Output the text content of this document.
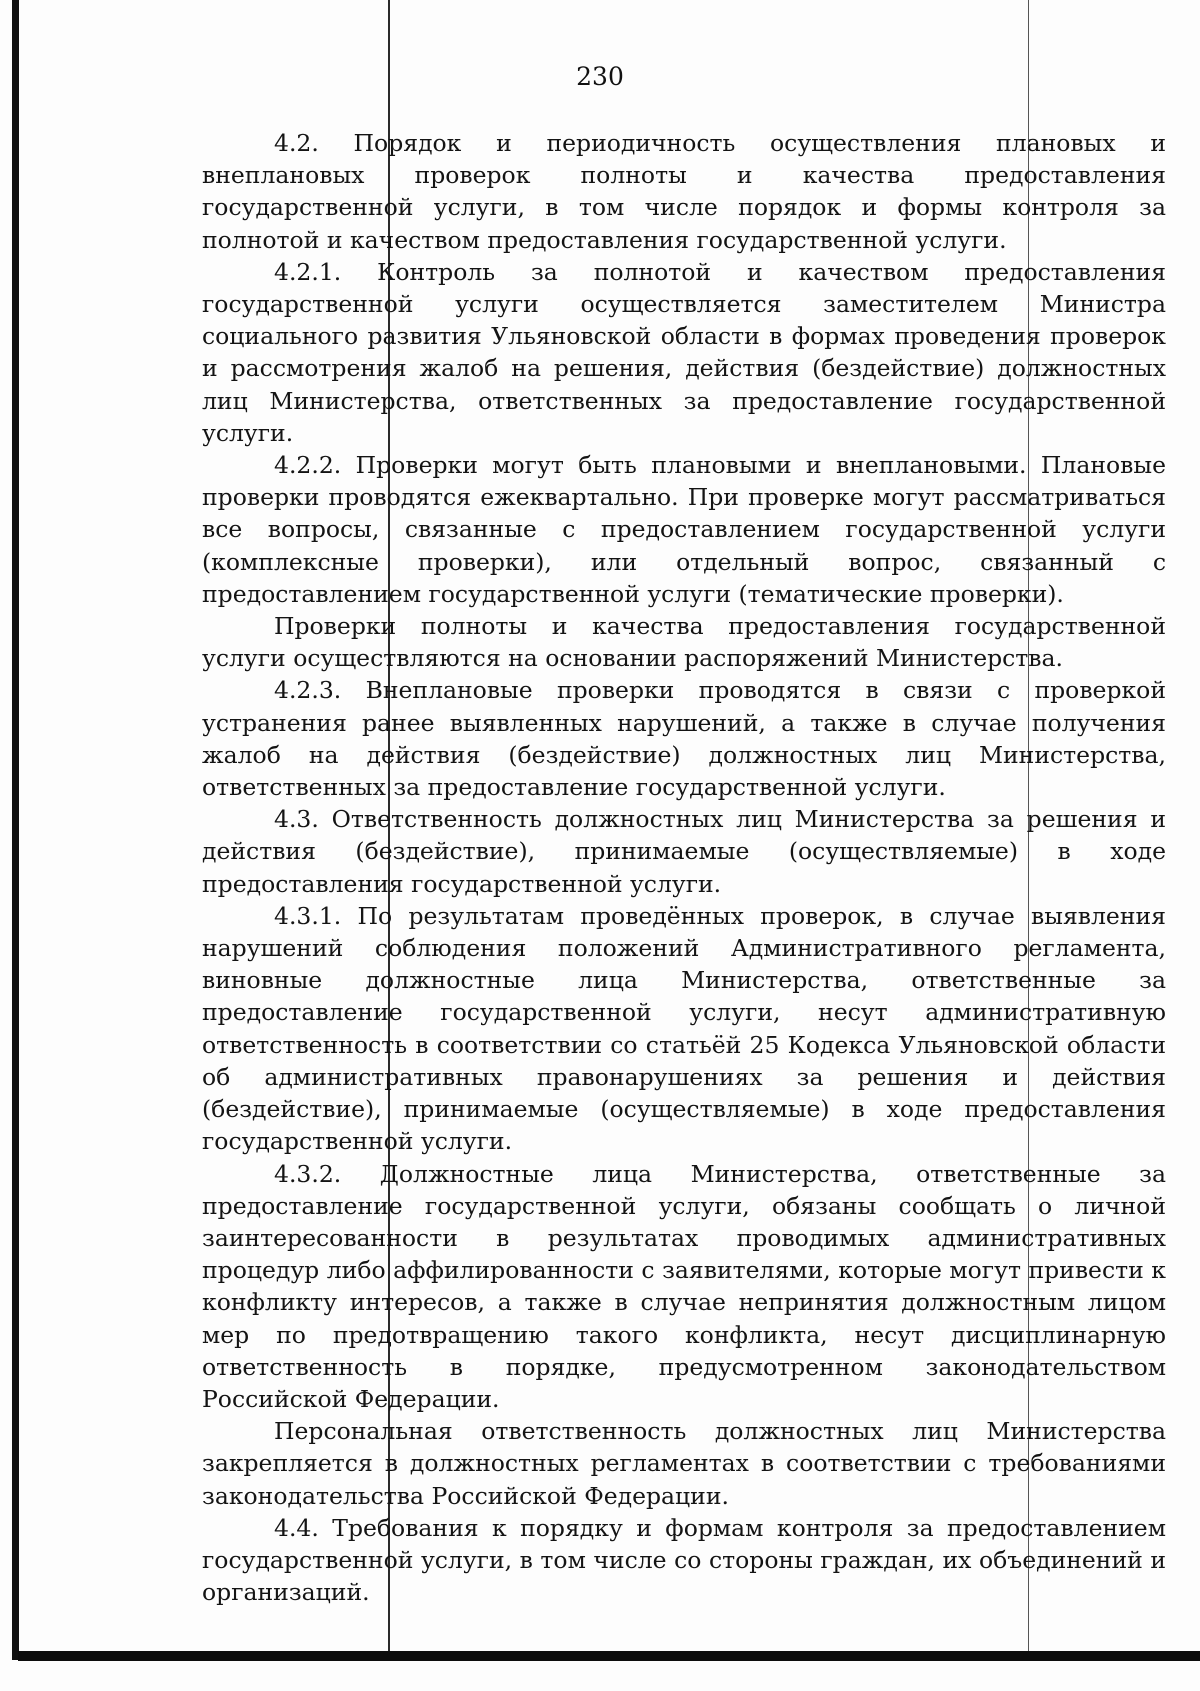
230

4.2. Порядок и периодичность осуществления плановых и внеплановых проверок полноты и качества предоставления государственной услуги, в том числе порядок и формы контроля за полнотой и качеством предоставления государственной услуги.

4.2.1. Контроль за полнотой и качеством предоставления государственной услуги осуществляется заместителем Министра социального развития Ульяновской области в формах проведения проверок и рассмотрения жалоб на решения, действия (бездействие) должностных лиц Министерства, ответственных за предоставление государственной услуги.

4.2.2. Проверки могут быть плановыми и внеплановыми. Плановые проверки проводятся ежеквартально. При проверке могут рассматриваться все вопросы, связанные с предоставлением государственной услуги (комплексные проверки), или отдельный вопрос, связанный с предоставлением государственной услуги (тематические проверки).

Проверки полноты и качества предоставления государственной услуги осуществляются на основании распоряжений Министерства.

4.2.3. Внеплановые проверки проводятся в связи с проверкой устранения ранее выявленных нарушений, а также в случае получения жалоб на действия (бездействие) должностных лиц Министерства, ответственных за предоставление государственной услуги.

4.3. Ответственность должностных лиц Министерства за решения и действия (бездействие), принимаемые (осуществляемые) в ходе предоставления государственной услуги.

4.3.1. По результатам проведённых проверок, в случае выявления нарушений соблюдения положений Административного регламента, виновные должностные лица Министерства, ответственные за предоставление государственной услуги, несут административную ответственность в соответствии со статьёй 25 Кодекса Ульяновской области об административных правонарушениях за решения и действия (бездействие), принимаемые (осуществляемые) в ходе предоставления государственной услуги.

4.3.2. Должностные лица Министерства, ответственные за предоставление государственной услуги, обязаны сообщать о личной заинтересованности в результатах проводимых административных процедур либо аффилированности с заявителями, которые могут привести к конфликту интересов, а также в случае непринятия должностным лицом мер по предотвращению такого конфликта, несут дисциплинарную ответственность в порядке, предусмотренном законодательством Российской Федерации.

Персональная ответственность должностных лиц Министерства закрепляется в должностных регламентах в соответствии с требованиями законодательства Российской Федерации.

4.4. Требования к порядку и формам контроля за предоставлением государственной услуги, в том числе со стороны граждан, их объединений и организаций.
